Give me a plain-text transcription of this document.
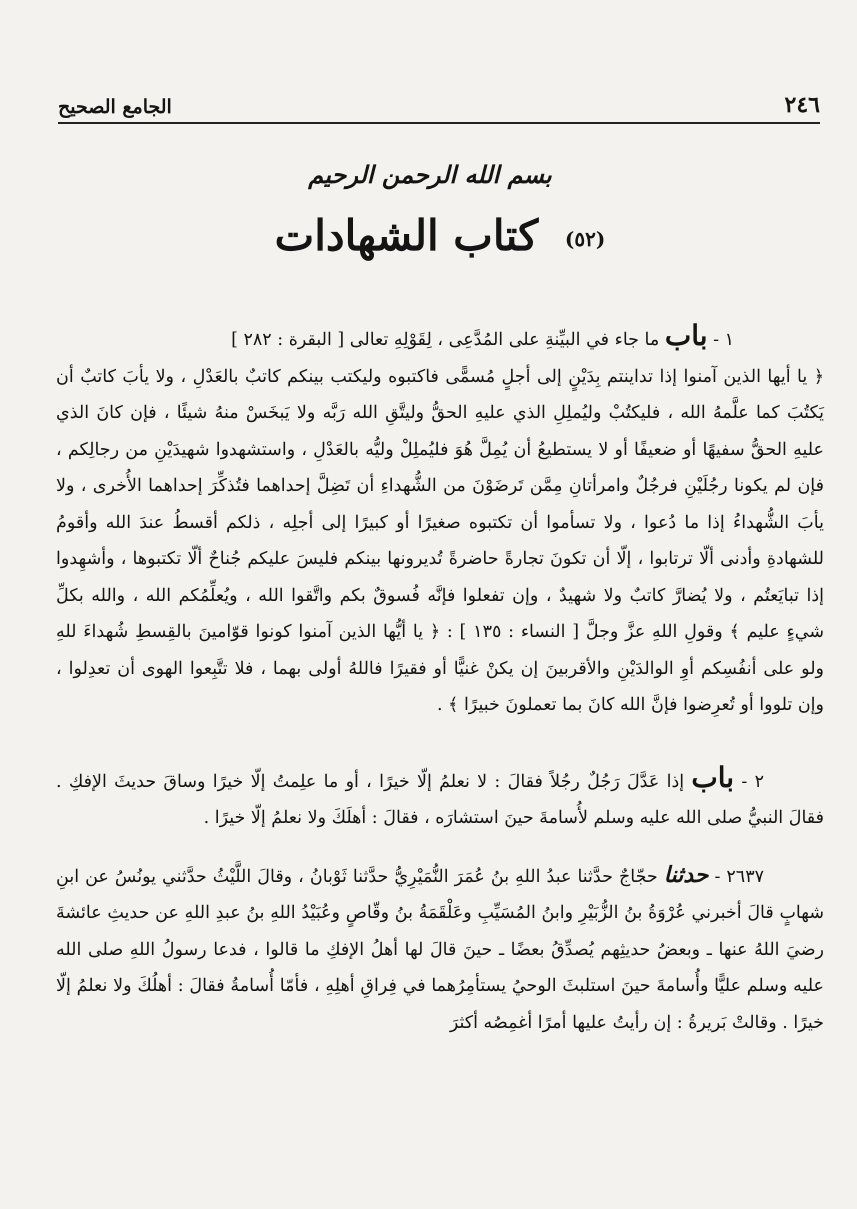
٢٤٦
الجامع الصحيح
بسم الله الرحمن الرحيم
(٥٢) كتاب الشهادات

١ - باب ما جاء في البيِّنةِ على المُدَّعِى ، لِقَوْلِهِ تعالى [ البقرة : ٢٨٢ ]

﴿ يا أيها الذين آمنوا إذا تداينتم بِدَيْنٍ إلى أجلٍ مُسمًّى فاكتبوه وليكتب بينكم كاتبٌ بالعَدْلِ ، ولا يأبَ كاتبٌ أن يَكتُبَ كما علَّمهُ الله ، فليكتُبْ وليُملِلِ الذي عليهِ الحقُّ وليتَّقِ الله رَبَّه ولا يَبخَسْ منهُ شيئًا ، فإن كانَ الذي عليهِ الحقُّ سفيهًا أو ضعيفًا أو لا يستطيعُ أن يُمِلَّ هُوَ فليُملِلْ وليُّه بالعَدْلِ ، واستشهدوا شهيدَيْنِ من رجالِكم ، فإن لم يكونا رجُلَيْنِ فرجُلٌ وامرأتانِ مِمَّن تَرضَوْنَ من الشُّهداءِ أن تَضِلَّ إحداهما فتُذكِّرَ إحداهما الأُخرى ، ولا يأبَ الشُّهداءُ إذا ما دُعوا ، ولا تسأموا أن تكتبوه صغيرًا أو كبيرًا إلى أجلِه ، ذلكم أقسطُ عندَ الله وأقومُ للشهادةِ وأدنى ألّا ترتابوا ، إلّا أن تكونَ تجارةً حاضرةً تُديرونها بينكم فليسَ عليكم جُناحٌ ألّا تكتبوها ، وأشهِدوا إذا تبايَعتُم ، ولا يُضارَّ كاتبٌ ولا شهيدٌ ، وإن تفعلوا فإنَّه فُسوقٌ بكم واتَّقوا الله ، ويُعلِّمُكم الله ، والله بكلِّ شيءٍ عليم ﴾ وقولِ اللهِ عزَّ وجلَّ [ النساء : ١٣٥ ] : ﴿ يا أيُّها الذين آمنوا كونوا قوّامينَ بالقِسطِ شُهداءَ للهِ ولو على أنفُسِكم أوِ الوالدَيْنِ والأقربينَ إن يكنْ غنيًّا أو فقيرًا فاللهُ أولى بهما ، فلا تتَّبِعوا الهوى أن تعدِلوا ، وإن تلووا أو تُعرِضوا فإنَّ الله كانَ بما تعملونَ خبيرًا ﴾ .

٢ - باب إذا عَدَّلَ رَجُلٌ رجُلاً فقالَ : لا نعلمُ إلّا خيرًا ، أو ما علِمتُ إلّا خيرًا وساقَ حديثَ الإفكِ . فقالَ النبيُّ صلى الله عليه وسلم لأُسامةَ حينَ استشارَه ، فقالَ : أهلَكَ ولا نعلمُ إلّا خيرًا .

٢٦٣٧ - حدثنا حجّاجٌ حدَّثنا عبدُ اللهِ بنُ عُمَرَ النُّمَيْرِيُّ حدَّثنا ثَوْبانُ ، وقالَ اللَّيْثُ حدَّثني يونُسُ عن ابنِ شهابٍ قالَ أخبرني عُرْوَةُ بنُ الزُّبَيْرِ وابنُ المُسَيِّبِ وعَلْقَمَةُ بنُ وقّاصٍ وعُبَيْدُ اللهِ بنُ عبدِ اللهِ عن حديثِ عائشةَ رضيَ اللهُ عنها ـ وبعضُ حديثِهم يُصدِّقُ بعضًا ـ حينَ قالَ لها أهلُ الإفكِ ما قالوا ، فدعا رسولُ اللهِ صلى الله عليه وسلم عليًّا وأُسامةَ حينَ استلبثَ الوحيُ يستأمِرُهما في فِراقِ أهلِهِ ، فأمّا أُسامةُ فقالَ : أهلُكَ ولا نعلمُ إلّا خيرًا . وقالتْ بَريرةُ : إن رأيتُ عليها أمرًا أغمِصُه أكثرَ
